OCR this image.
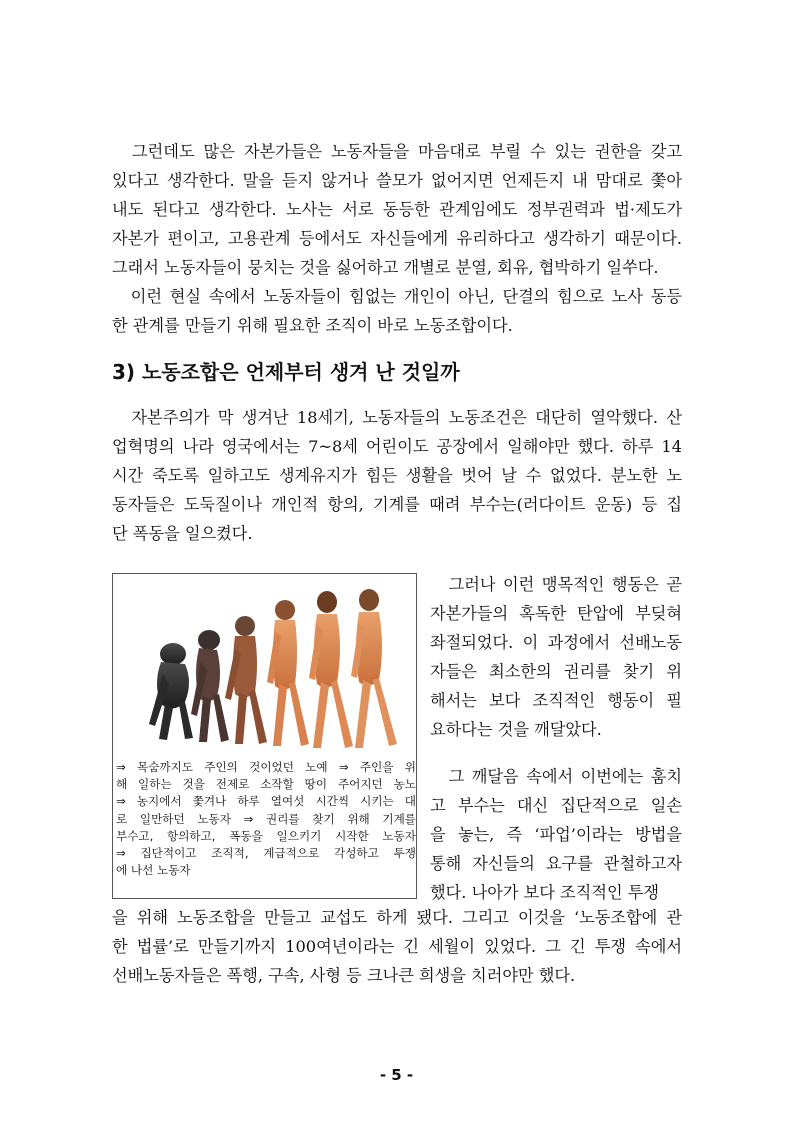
　그런데도 많은 자본가들은 노동자들을 마음대로 부릴 수 있는 권한을 갖고
있다고 생각한다. 말을 듣지 않거나 쓸모가 없어지면 언제든지 내 맘대로 쫓아
내도 된다고 생각한다. 노사는 서로 동등한 관계임에도 정부권력과 법·제도가
자본가 편이고, 고용관계 등에서도 자신들에게 유리하다고 생각하기 때문이다.
그래서 노동자들이 뭉치는 것을 싫어하고 개별로 분열, 회유, 협박하기 일쑤다.

　이런 현실 속에서 노동자들이 힘없는 개인이 아닌, 단결의 힘으로 노사 동등
한 관계를 만들기 위해 필요한 조직이 바로 노동조합이다.

3) 노동조합은 언제부터 생겨 난 것일까

　자본주의가 막 생겨난 18세기, 노동자들의 노동조건은 대단히 열악했다. 산
업혁명의 나라 영국에서는 7~8세 어린이도 공장에서 일해야만 했다. 하루 14
시간 죽도록 일하고도 생계유지가 힘든 생활을 벗어 날 수 없었다. 분노한 노
동자들은 도둑질이나 개인적 항의, 기계를 때려 부수는(러다이트 운동) 등 집
단 폭동을 일으켰다.

⇒ 목숨까지도 주인의 것이었던 노예 ⇒ 주인을 위
해 일하는 것을 전제로 소작할 땅이 주어지던 농노
⇒ 농지에서 쫓겨나 하루 열여섯 시간씩 시키는 대
로 일만하던 노동자 ⇒ 권리를 찾기 위해 기계를
부수고, 항의하고, 폭동을 일으키기 시작한 노동자
⇒ 집단적이고 조직적, 계급적으로 각성하고 투쟁
에 나선 노동자

　그러나 이런 맹목적인 행동은 곧
자본가들의 혹독한 탄압에 부딪혀
좌절되었다. 이 과정에서 선배노동
자들은 최소한의 권리를 찾기 위
해서는 보다 조직적인 행동이 필
요하다는 것을 깨달았다.

　그 깨달음 속에서 이번에는 훔치
고 부수는 대신 집단적으로 일손
을 놓는, 즉 ‘파업’이라는 방법을
통해 자신들의 요구를 관철하고자
했다. 나아가 보다 조직적인 투쟁

을 위해 노동조합을 만들고 교섭도 하게 됐다. 그리고 이것을 ‘노동조합에 관
한 법률’로 만들기까지 100여년이라는 긴 세월이 있었다. 그 긴 투쟁 속에서
선배노동자들은 폭행, 구속, 사형 등 크나큰 희생을 치러야만 했다.

- 5 -
